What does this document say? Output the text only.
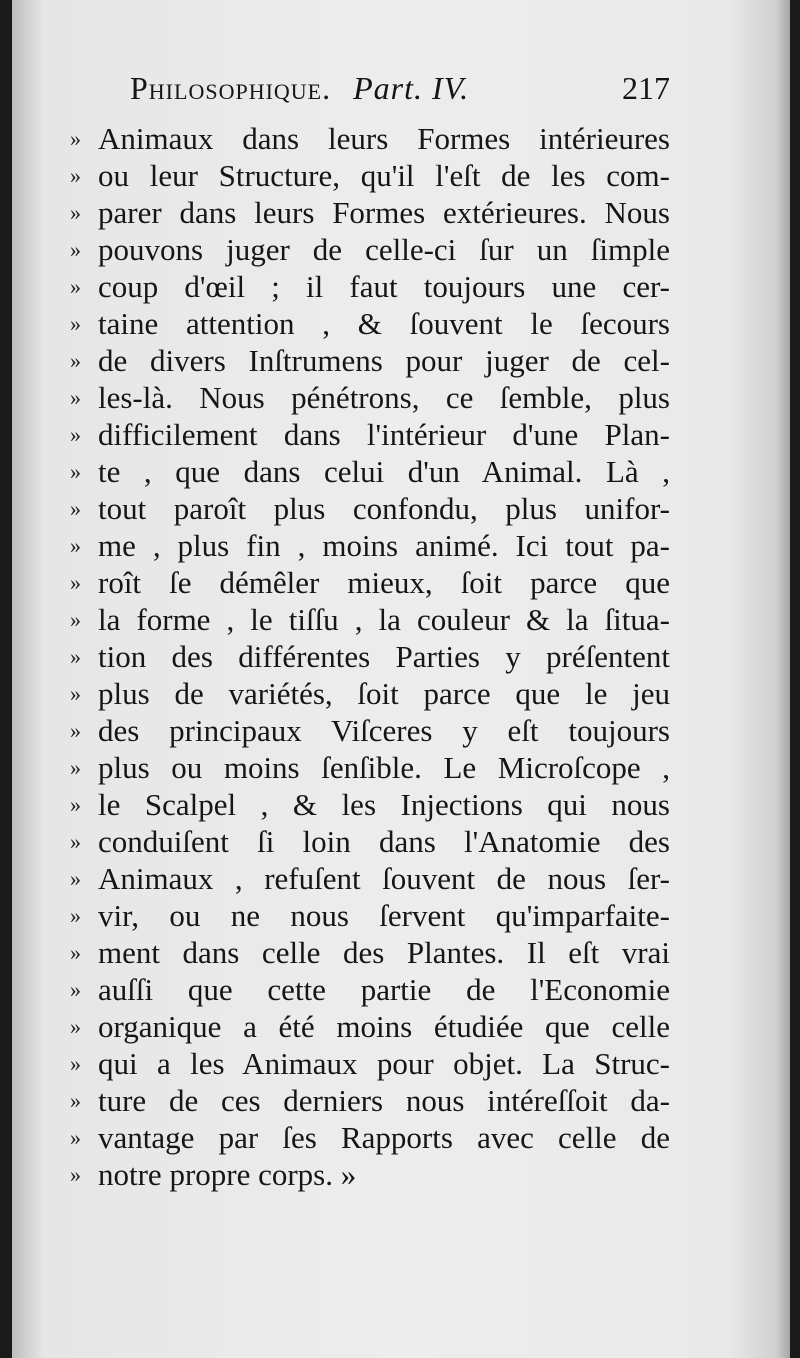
Philosophique. Part. IV.	217
» Animaux dans leurs Formes intérieures
» ou leur Structure, qu'il l'eſt de les com-
» parer dans leurs Formes extérieures. Nous
» pouvons juger de celle-ci ſur un ſimple
» coup d'œil ; il faut toujours une cer-
» taine attention , & ſouvent le ſecours
» de divers Inſtrumens pour juger de cel-
» les-là. Nous pénétrons, ce ſemble, plus
» difficilement dans l'intérieur d'une Plan-
» te , que dans celui d'un Animal. Là ,
» tout paroît plus confondu, plus unifor-
» me , plus fin , moins animé. Ici tout pa-
» roît ſe démêler mieux, ſoit parce que
» la forme , le tiſſu , la couleur & la ſitua-
» tion des différentes Parties y préſentent
» plus de variétés, ſoit parce que le jeu
» des principaux Viſceres y eſt toujours
» plus ou moins ſenſible. Le Microſcope ,
» le Scalpel , & les Injections qui nous
» conduiſent ſi loin dans l'Anatomie des
» Animaux , refuſent ſouvent de nous ſer-
» vir, ou ne nous ſervent qu'imparfaite-
» ment dans celle des Plantes. Il eſt vrai
» auſſi que cette partie de l'Economie
» organique a été moins étudiée que celle
» qui a les Animaux pour objet. La Struc-
» ture de ces derniers nous intéreſſoit da-
» vantage par ſes Rapports avec celle de
» notre propre corps. »
